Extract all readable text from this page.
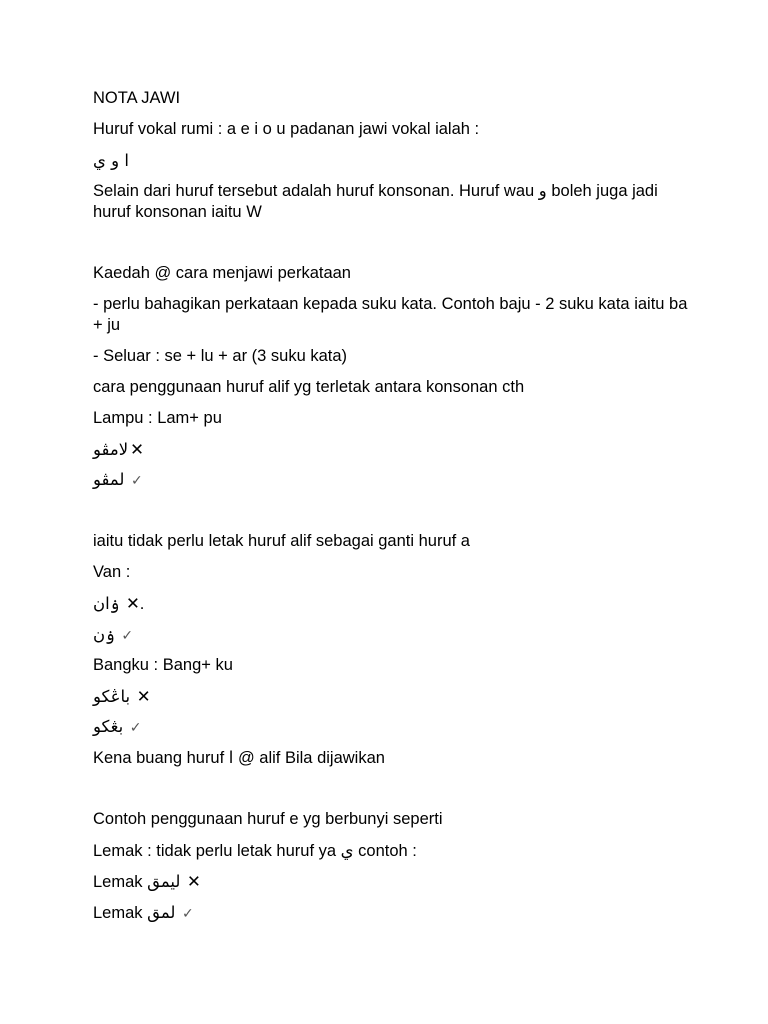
NOTA JAWI
Huruf vokal rumi : a e i o u padanan jawi vokal ialah :
ا و ي
Selain dari huruf tersebut adalah huruf konsonan. Huruf wau و boleh juga jadi huruf konsonan iaitu W
Kaedah @ cara menjawi perkataan
- perlu bahagikan perkataan kepada suku kata. Contoh baju - 2 suku kata iaitu ba + ju
- Seluar : se + lu + ar (3 suku kata)
cara penggunaan huruf alif yg terletak antara konsonan cth
Lampu : Lam+ pu
لامڤو ✕
لمڤو ✓
iaitu tidak perlu letak huruf alif sebagai ganti huruf a
Van :
ۏان ✕.
ۏن ✓
Bangku : Bang+ ku
باڠكو ✕
بڠكو ✓
Kena buang huruf ا @ alif Bila dijawikan
Contoh penggunaan huruf e yg berbunyi seperti
Lemak : tidak perlu letak huruf ya ي contoh :
Lemak ليمق ✕
Lemak لمق ✓
